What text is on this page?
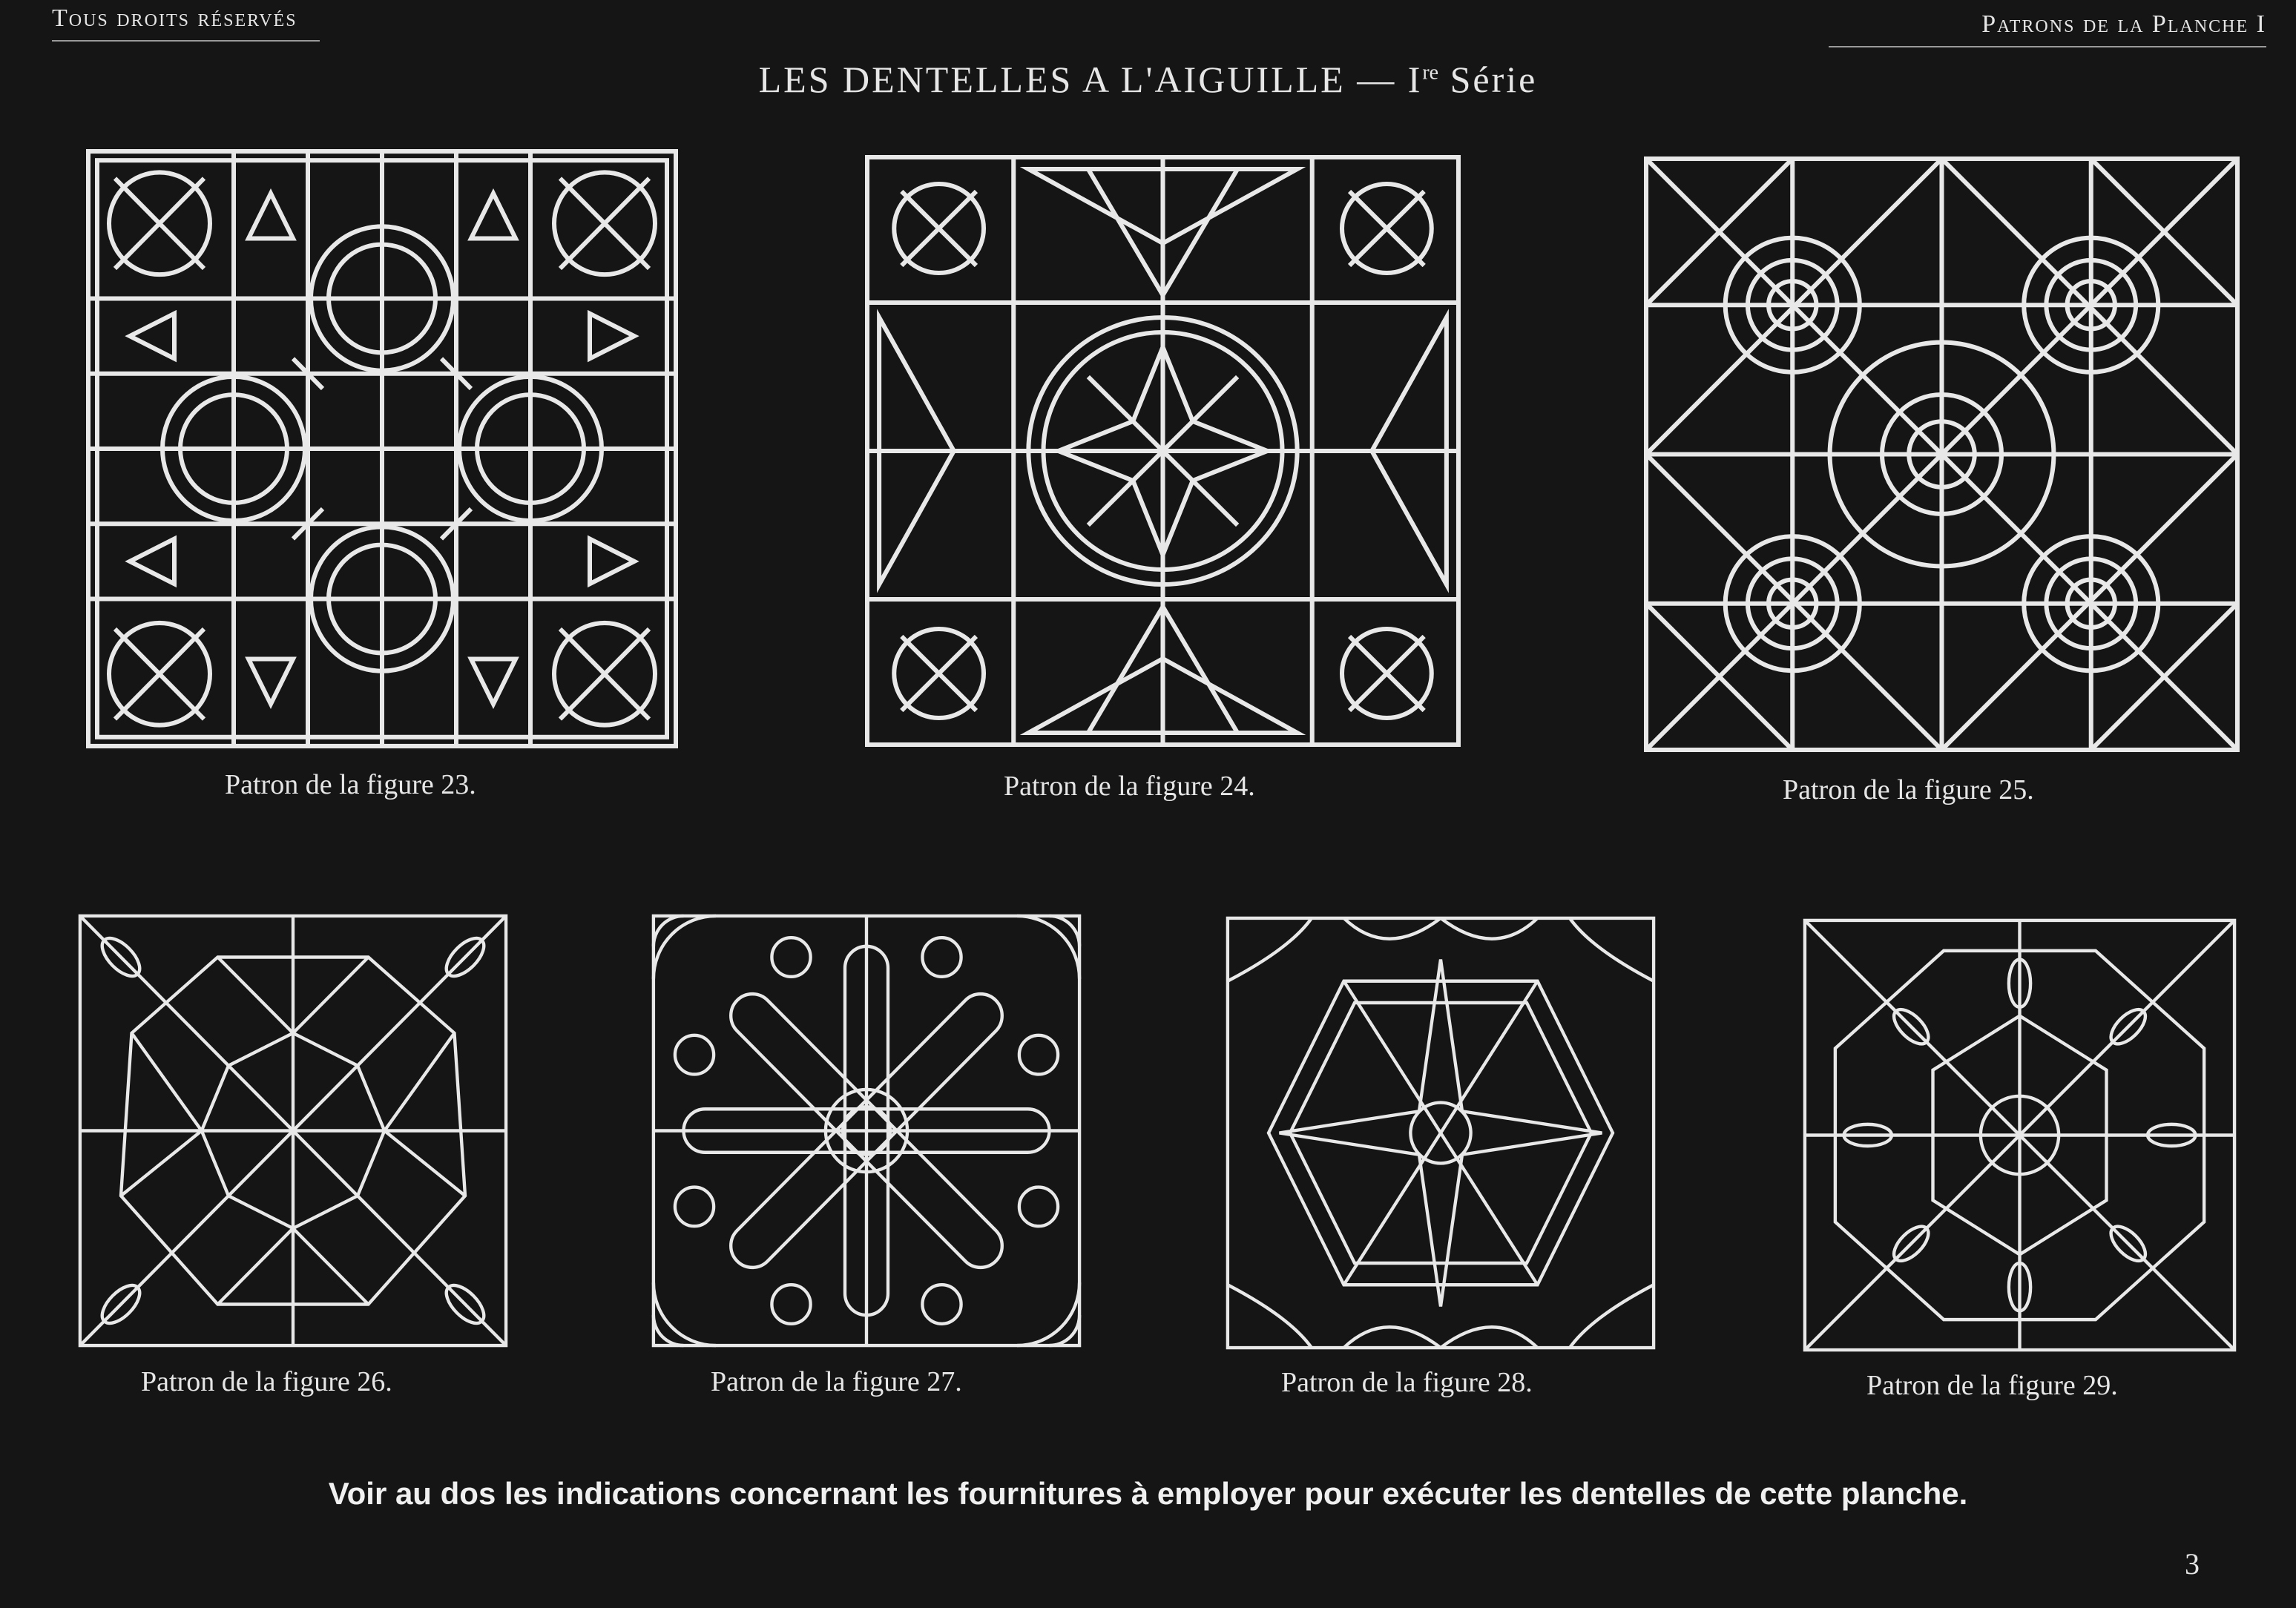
Tous droits réservés	Patrons de la Planche I
LES DENTELLES A L'AIGUILLE — Ire Série
Patron de la figure 23.	Patron de la figure 24.	Patron de la figure 25.
Patron de la figure 26.	Patron de la figure 27.	Patron de la figure 28.	Patron de la figure 29.
Voir au dos les indications concernant les fournitures à employer pour exécuter les dentelles de cette planche.
3
